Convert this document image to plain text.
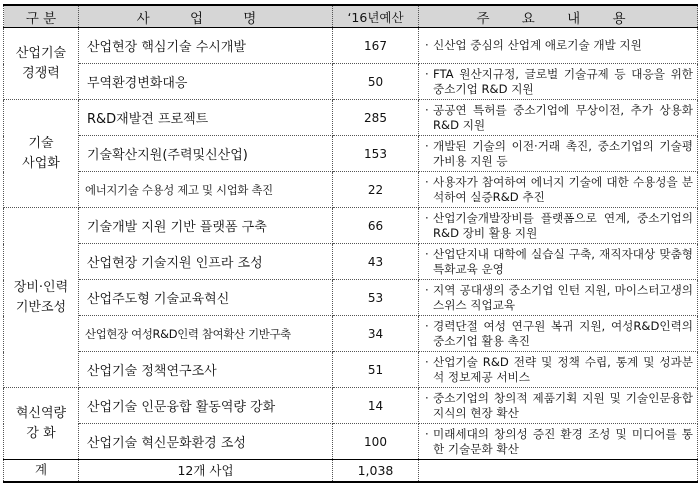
구 분	사 업 명	‘16년예산	주 요 내 용
산업기술
경쟁력	산업현장 핵심기술 수시개발	167	· 신산업 중심의 산업계 애로기술 개발 지원

	무역환경변화대응	50	· FTA 원산지규정, 글로벌 기술규제 등 대응을 위한 중소기업 R&D 지원

기술
사업화	R&D재발견 프로젝트	285	· 공공연 특허를 중소기업에 무상이전, 추가 상용화 R&D 지원

	기술확산지원(주력및신산업)	153	· 개발된 기술의 이전·거래 촉진, 중소기업의 기술평가비용 지원 등

	에너지기술 수용성 제고 및 시업화 촉진	22	· 사용자가 참여하여 에너지 기술에 대한 수용성을 분석하여 실증R&D 추진

장비·인력
기반조성	기술개발 지원 기반 플랫폼 구축	66	· 산업기술개발장비를 플랫폼으로 연계, 중소기업의 R&D 장비 활용 지원

	산업현장 기술지원 인프라 조성	43	· 산업단지내 대학에 실습실 구축, 재직자대상 맞춤형 특화교육 운영

	산업주도형 기술교육혁신	53	· 지역 공대생의 중소기업 인턴 지원, 마이스터고생의 스위스 직업교육

	산업현장 여성R&D인력 참여확산 기반구축	34	· 경력단절 여성 연구원 복귀 지원, 여성R&D인력의 중소기업 활용 촉진

	산업기술 정책연구조사	51	· 산업기술 R&D 전략 및 정책 수립, 통계 및 성과분석 정보제공 서비스

혁신역량
강 화	산업기술 인문융합 활동역량 강화	14	· 중소기업의 창의적 제품기획 지원 및 기술인문융합 지식의 현장 확산

	산업기술 혁신문화환경 조성	100	· 미래세대의 창의성 증진 환경 조성 및 미디어를 통한 기술문화 확산

계	12개 사업	1,038	
